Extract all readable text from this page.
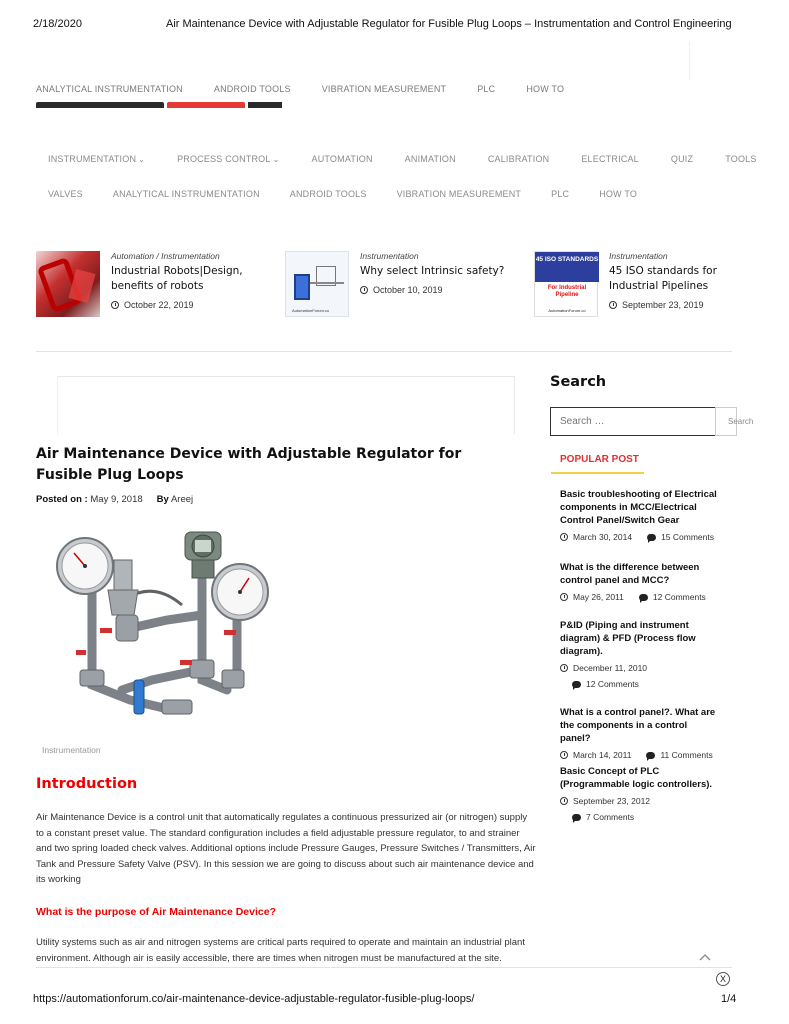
2/18/2020	Air Maintenance Device with Adjustable Regulator for Fusible Plug Loops – Instrumentation and Control Engineering
ANALYTICAL INSTRUMENTATION	ANDROID TOOLS	VIBRATION MEASUREMENT	PLC	HOW TO
INSTRUMENTATION ⌄	PROCESS CONTROL ⌄	AUTOMATION	ANIMATION	CALIBRATION	ELECTRICAL	QUIZ	TOOLS
VALVES	ANALYTICAL INSTRUMENTATION	ANDROID TOOLS	VIBRATION MEASUREMENT	PLC	HOW TO
Automation / Instrumentation
Industrial Robots|Design, benefits of robots
October 22, 2019
AutomationForum.co
Instrumentation
Why select Intrinsic safety?
October 10, 2019
45 ISO STANDARDS
For Industrial Pipeline
AutomationForum.co
Instrumentation
45 ISO standards for Industrial Pipelines
September 23, 2019
Air Maintenance Device with Adjustable Regulator for Fusible Plug Loops
Posted on : May 9, 2018 By Areej
Instrumentation
Introduction

Air Maintenance Device is a control unit that automatically regulates a continuous pressurized air (or nitrogen) supply to a constant preset value. The standard configuration includes a field adjustable pressure regulator, to and strainer and two spring loaded check valves. Additional options include Pressure Gauges, Pressure Switches / Transmitters, Air Tank and Pressure Safety Valve (PSV). In this session we are going to discuss about such air maintenance device and its working

What is the purpose of Air Maintenance Device?

Utility systems such as air and nitrogen systems are critical parts required to operate and maintain an industrial plant environment. Although air is easily accessible, there are times when nitrogen must be manufactured at the site.

X
Search
Search …
Search
POPULAR POST
Basic troubleshooting of Electrical components in MCC/Electrical Control Panel/Switch Gear
March 30, 2014	15 Comments
What is the difference between control panel and MCC?
May 26, 2011	12 Comments
P&ID (Piping and instrument diagram) & PFD (Process flow diagram).
December 11, 2010
12 Comments
What is a control panel?. What are the components in a control panel?
March 14, 2011	11 Comments
Basic Concept of PLC (Programmable logic controllers).
September 23, 2012
7 Comments
https://automationforum.co/air-maintenance-device-adjustable-regulator-fusible-plug-loops/	1/4
